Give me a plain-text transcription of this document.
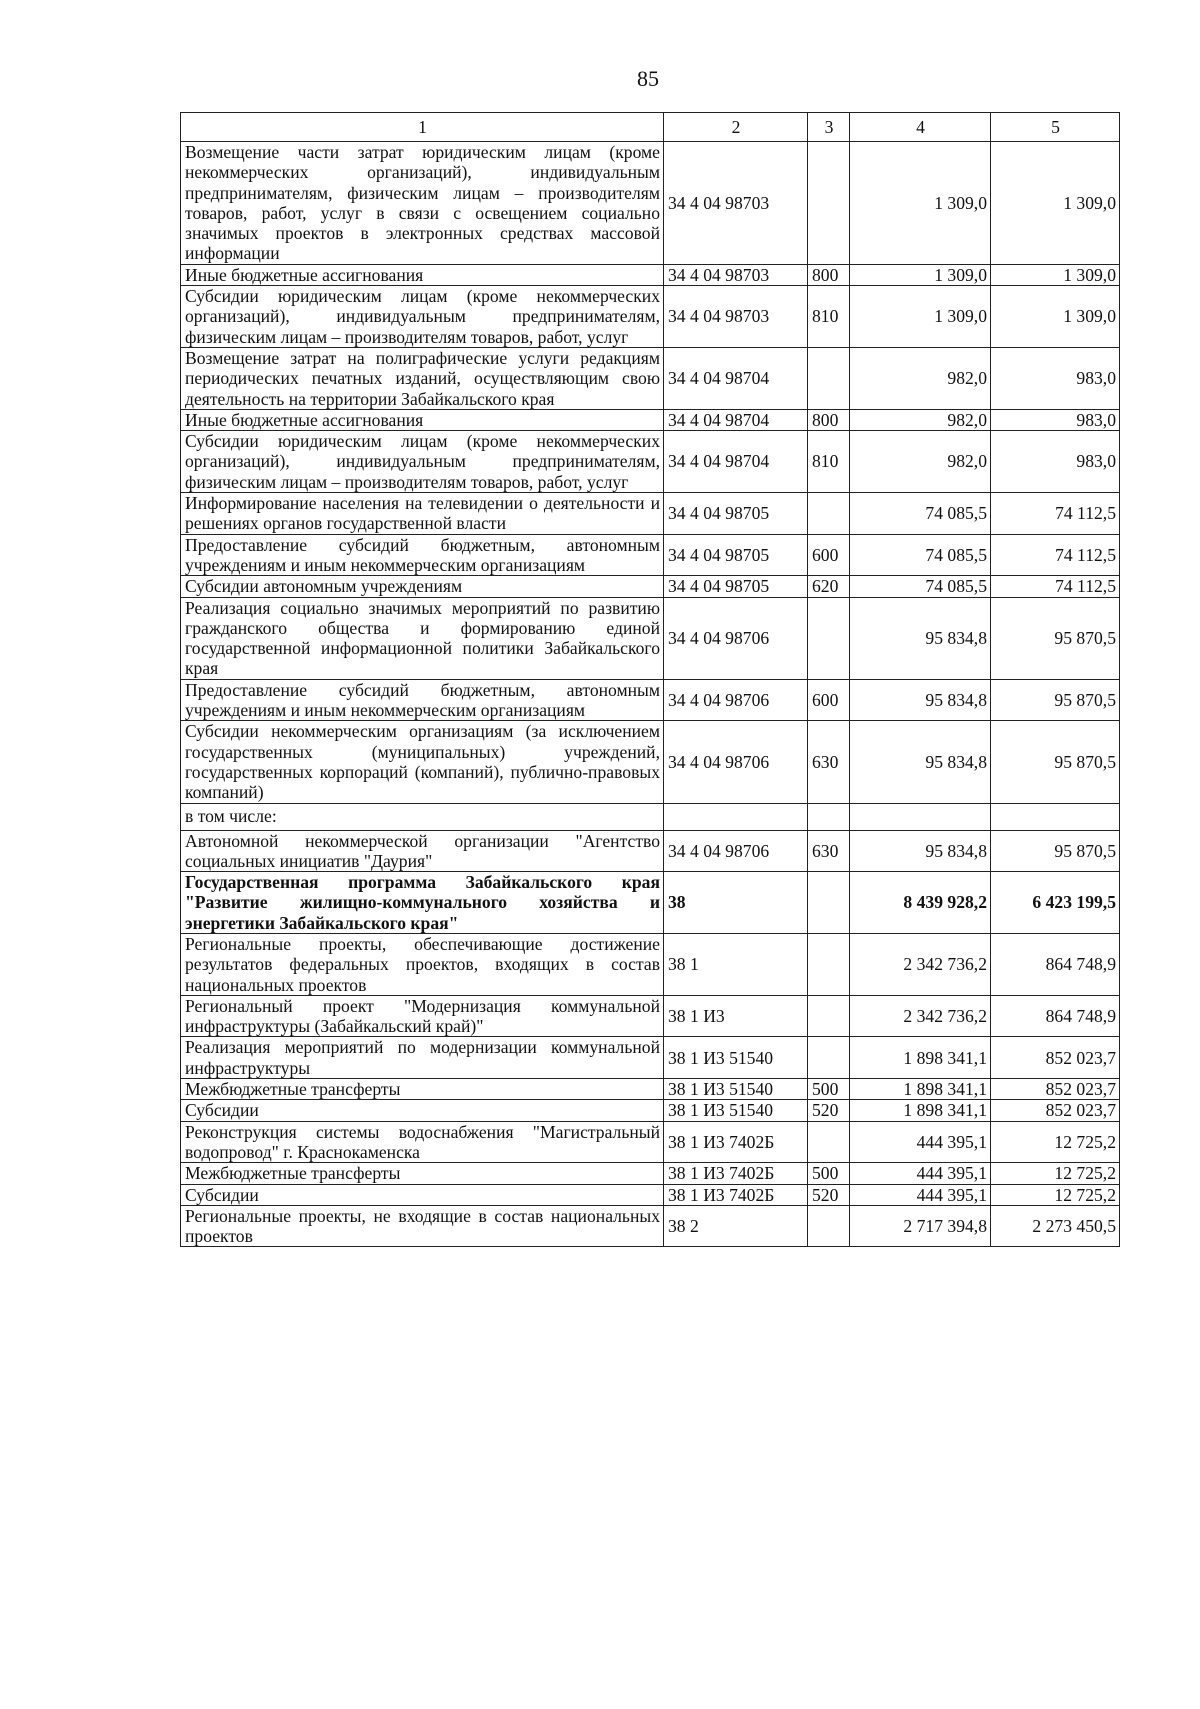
85
1	2	3	4	5
Возмещение части затрат юридическим лицам (кроме некоммерческих организаций), индивидуальным предпринимателям, физическим лицам – производителям товаров, работ, услуг в связи с освещением социально значимых проектов в электронных средствах массовой информации	34 4 04 98703		1 309,0	1 309,0
Иные бюджетные ассигнования	34 4 04 98703	800	1 309,0	1 309,0
Субсидии юридическим лицам (кроме некоммерческих организаций), индивидуальным предпринимателям, физическим лицам – производителям товаров, работ, услуг	34 4 04 98703	810	1 309,0	1 309,0
Возмещение затрат на полиграфические услуги редакциям периодических печатных изданий, осуществляющим свою деятельность на территории Забайкальского края	34 4 04 98704		982,0	983,0
Иные бюджетные ассигнования	34 4 04 98704	800	982,0	983,0
Субсидии юридическим лицам (кроме некоммерческих организаций), индивидуальным предпринимателям, физическим лицам – производителям товаров, работ, услуг	34 4 04 98704	810	982,0	983,0
Информирование населения на телевидении о деятельности и решениях органов государственной власти	34 4 04 98705		74 085,5	74 112,5
Предоставление субсидий бюджетным, автономным учреждениям и иным некоммерческим организациям	34 4 04 98705	600	74 085,5	74 112,5
Субсидии автономным учреждениям	34 4 04 98705	620	74 085,5	74 112,5
Реализация социально значимых мероприятий по развитию гражданского общества и формированию единой государственной информационной политики Забайкальского края	34 4 04 98706		95 834,8	95 870,5
Предоставление субсидий бюджетным, автономным учреждениям и иным некоммерческим организациям	34 4 04 98706	600	95 834,8	95 870,5
Субсидии некоммерческим организациям (за исключением государственных (муниципальных) учреждений, государственных корпораций (компаний), публично-правовых компаний)	34 4 04 98706	630	95 834,8	95 870,5
в том числе:				
Автономной некоммерческой организации "Агентство социальных инициатив "Даурия"	34 4 04 98706	630	95 834,8	95 870,5
Государственная программа Забайкальского края "Развитие жилищно-коммунального хозяйства и энергетики Забайкальского края"	38		8 439 928,2	6 423 199,5
Региональные проекты, обеспечивающие достижение результатов федеральных проектов, входящих в состав национальных проектов	38 1		2 342 736,2	864 748,9
Региональный проект "Модернизация коммунальной инфраструктуры (Забайкальский край)"	38 1 И3		2 342 736,2	864 748,9
Реализация мероприятий по модернизации коммунальной инфраструктуры	38 1 И3 51540		1 898 341,1	852 023,7
Межбюджетные трансферты	38 1 И3 51540	500	1 898 341,1	852 023,7
Субсидии	38 1 И3 51540	520	1 898 341,1	852 023,7
Реконструкция системы водоснабжения "Магистральный водопровод" г. Краснокаменска	38 1 И3 7402Б		444 395,1	12 725,2
Межбюджетные трансферты	38 1 И3 7402Б	500	444 395,1	12 725,2
Субсидии	38 1 И3 7402Б	520	444 395,1	12 725,2
Региональные проекты, не входящие в состав национальных проектов	38 2		2 717 394,8	2 273 450,5
